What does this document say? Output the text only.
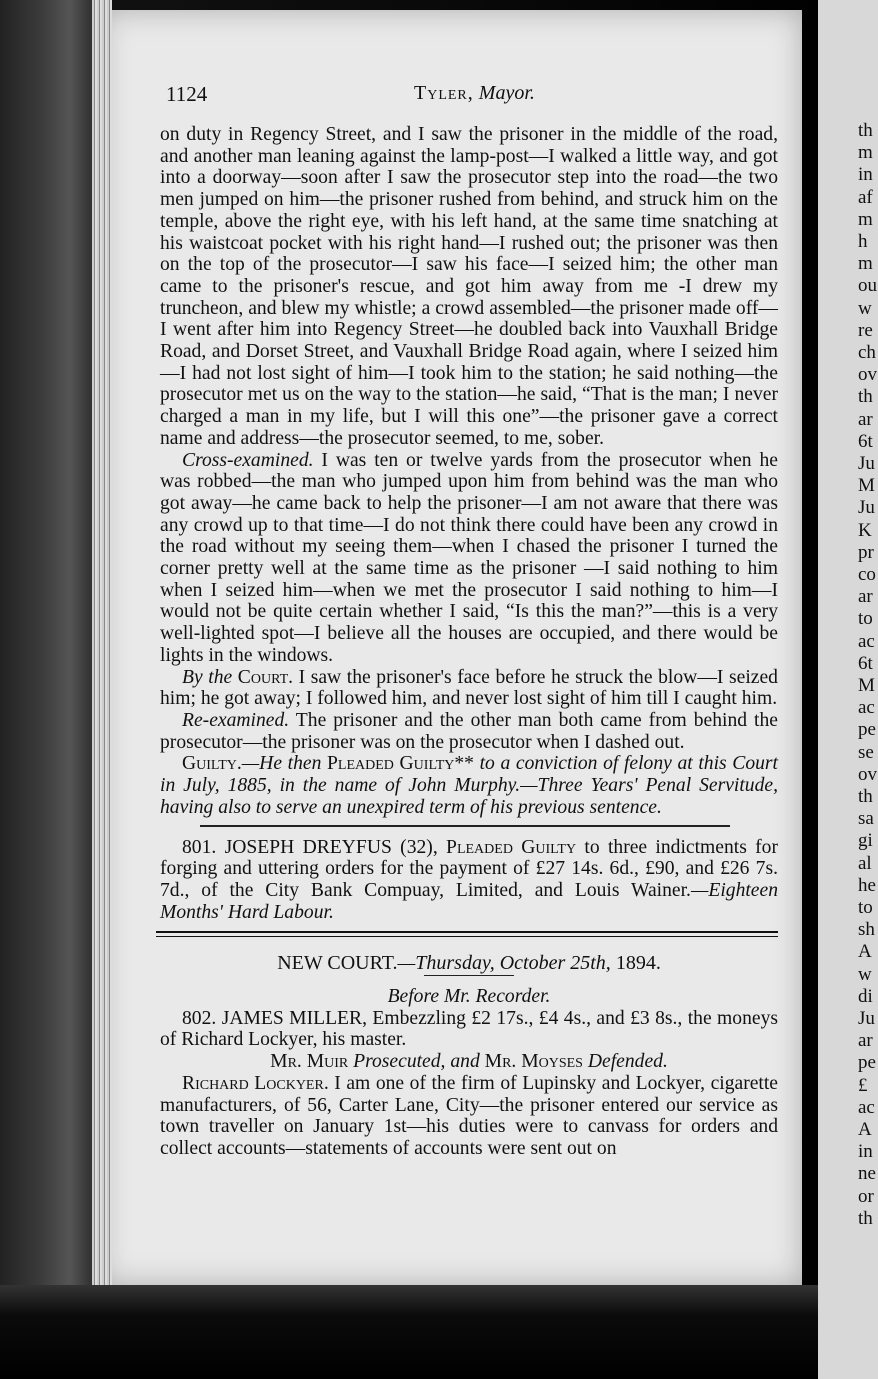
th
m
in
af
m
h
m
ou
w
re
ch
ov
th
ar
6t
Ju
M
Ju
K
pr
co
ar
to
ac
6t
M
ac
pe
se
ov
th
sa
gi
al
he
to
sh
A
w
di
Ju
ar
pe
£
ac
A
in
ne
or
th
1124	Tyler, Mayor.

on duty in Regency Street, and I saw the prisoner in the middle of the road, and another man leaning against the lamp-post—I walked a little way, and got into a doorway—soon after I saw the prosecutor step into the road—the two men jumped on him—the prisoner rushed from behind, and struck him on the temple, above the right eye, with his left hand, at the same time snatching at his waistcoat pocket with his right hand—I rushed out; the prisoner was then on the top of the prosecutor—I saw his face—I seized him; the other man came to the prisoner's rescue, and got him away from me -I drew my truncheon, and blew my whistle; a crowd assembled—the prisoner made off—I went after him into Regency Street—he doubled back into Vauxhall Bridge Road, and Dorset Street, and Vauxhall Bridge Road again, where I seized him—I had not lost sight of him—I took him to the station; he said nothing—the prosecutor met us on the way to the station—he said, “That is the man; I never charged a man in my life, but I will this one”—the prisoner gave a correct name and address—the prosecutor seemed, to me, sober.

Cross-examined. I was ten or twelve yards from the prosecutor when he was robbed—the man who jumped upon him from behind was the man who got away—he came back to help the prisoner—I am not aware that there was any crowd up to that time—I do not think there could have been any crowd in the road without my seeing them—when I chased the prisoner I turned the corner pretty well at the same time as the prisoner —I said nothing to him when I seized him—when we met the prosecutor I said nothing to him—I would not be quite certain whether I said, “Is this the man?”—this is a very well-lighted spot—I believe all the houses are occupied, and there would be lights in the windows.

By the Court. I saw the prisoner's face before he struck the blow—I seized him; he got away; I followed him, and never lost sight of him till I caught him.

Re-examined. The prisoner and the other man both came from behind the prosecutor—the prisoner was on the prosecutor when I dashed out.

Guilty.—He then Pleaded Guilty** to a conviction of felony at this Court in July, 1885, in the name of John Murphy.—Three Years' Penal Servitude, having also to serve an unexpired term of his previous sentence.

801. JOSEPH DREYFUS (32), Pleaded Guilty to three indictments for forging and uttering orders for the payment of £27 14s. 6d., £90, and £26 7s. 7d., of the City Bank Compuay, Limited, and Louis Wainer.—Eighteen Months' Hard Labour.

NEW COURT.—Thursday, October 25th, 1894.

Before Mr. Recorder.

802. JAMES MILLER, Embezzling £2 17s., £4 4s., and £3 8s., the moneys of Richard Lockyer, his master.

Mr. Muir Prosecuted, and Mr. Moyses Defended.

Richard Lockyer. I am one of the firm of Lupinsky and Lockyer, cigarette manufacturers, of 56, Carter Lane, City—the prisoner entered our service as town traveller on January 1st—his duties were to canvass for orders and collect accounts—statements of accounts were sent out on
